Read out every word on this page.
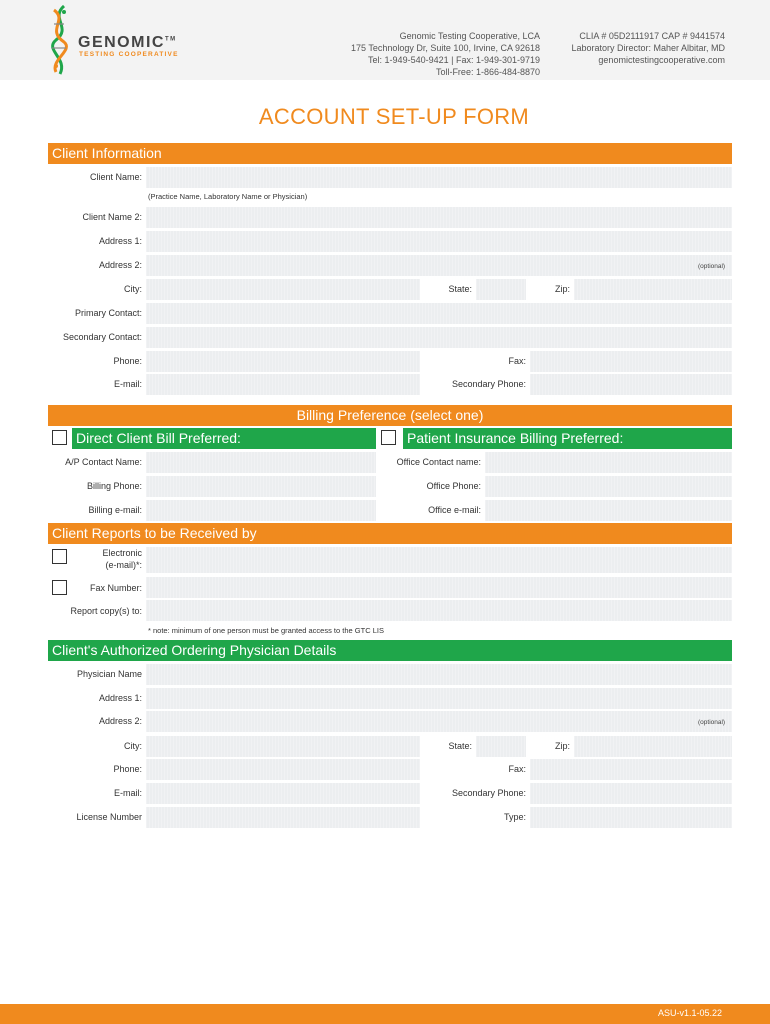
GENOMIC™
TESTING COOPERATIVE
Genomic Testing Cooperative, LCA
175 Technology Dr, Suite 100, Irvine, CA 92618
Tel: 1-949-540-9421 | Fax: 1-949-301-9719
Toll-Free: 1-866-484-8870
CLIA # 05D2111917 CAP # 9441574
Laboratory Director: Maher Albitar, MD
genomictestingcooperative.com
ACCOUNT SET-UP FORM
Client Information
Client Name:
(Practice Name, Laboratory Name or Physician)
Client Name 2:
Address 1:
Address 2:	(optional)
City:	State:	Zip:
Primary Contact:
Secondary Contact:
Phone:	Fax:
E-mail:	Secondary Phone:
Billing Preference (select one)
Direct Client Bill Preferred:	Patient Insurance Billing Preferred:
A/P Contact Name:	Office Contact name:
Billing Phone:	Office Phone:
Billing e-mail:	Office e-mail:
Client Reports to be Received by
Electronic
(e-mail)*:
Fax Number:
Report copy(s) to:
* note: minimum of one person must be granted access to the GTC LIS
Client's Authorized Ordering Physician Details
Physician Name
Address 1:
Address 2:	(optional)
City:	State:	Zip:
Phone:	Fax:
E-mail:	Secondary Phone:
License Number	Type:
ASU-v1.1-05.22
